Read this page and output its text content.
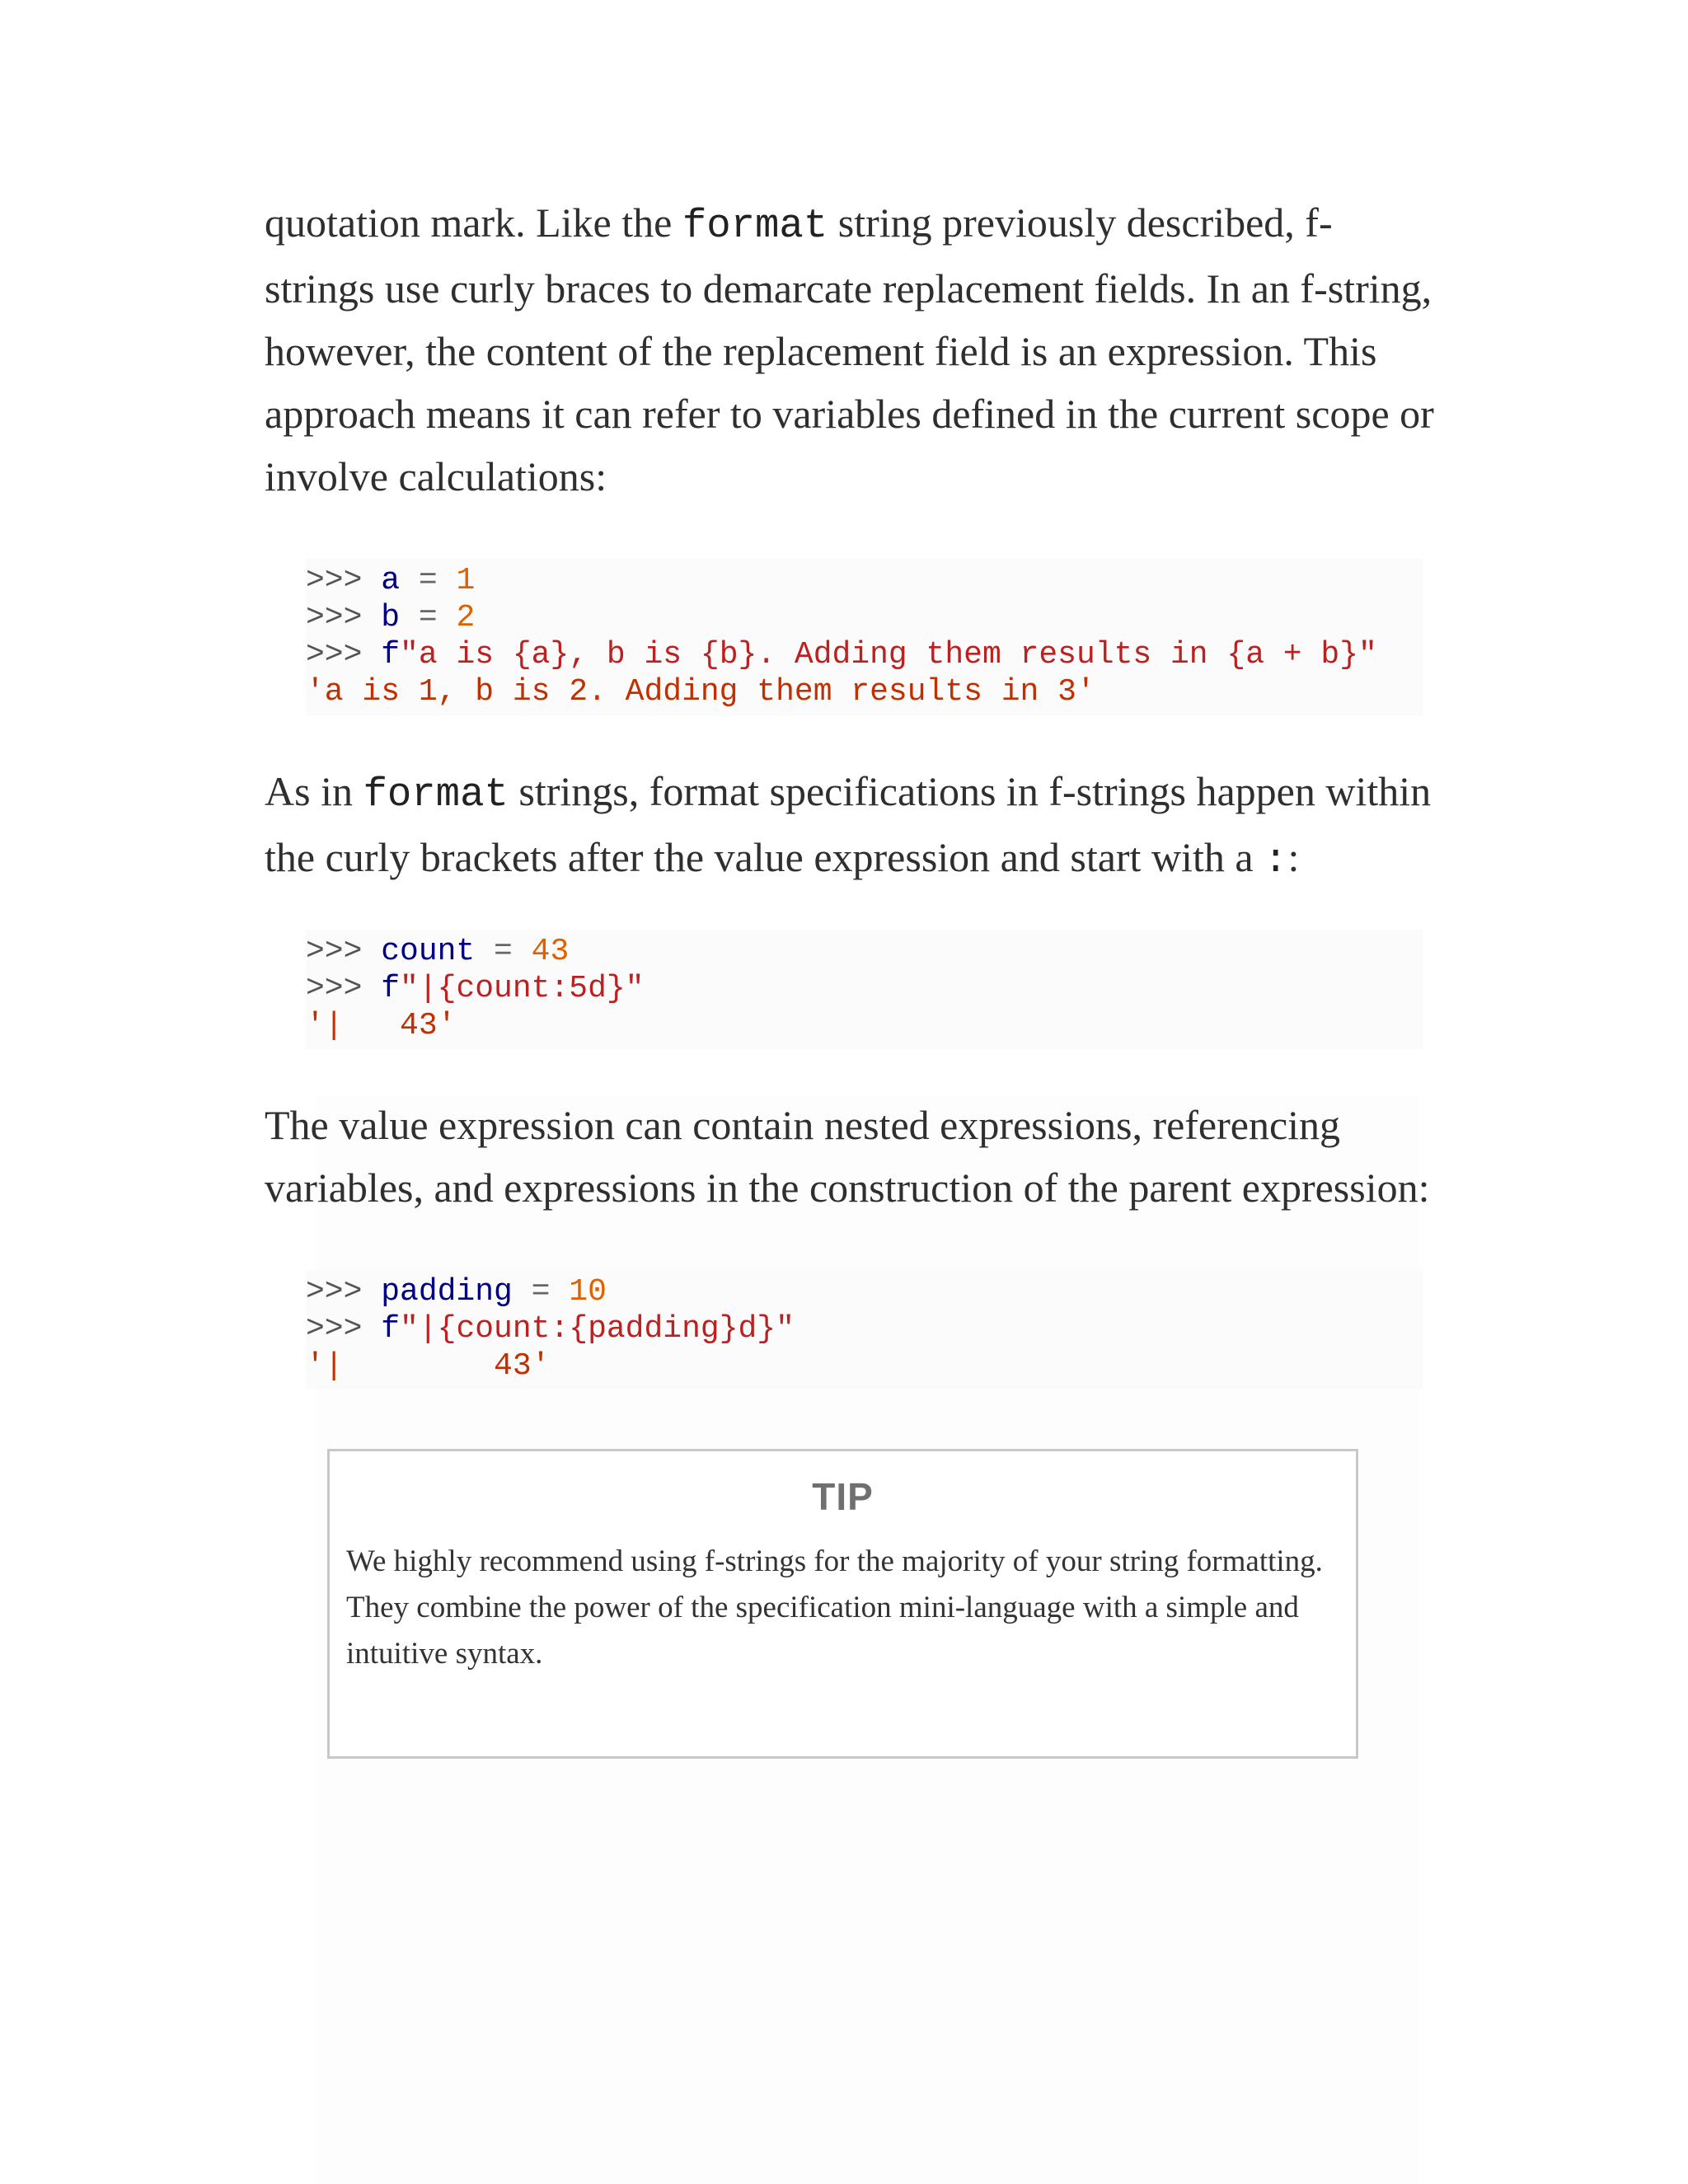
quotation mark. Like the format string previously described, f-strings use curly braces to demarcate replacement fields. In an f-string, however, the content of the replacement field is an expression. This approach means it can refer to variables defined in the current scope or involve calculations:

>>> a = 1
>>> b = 2
>>> f"a is {a}, b is {b}. Adding them results in {a + b}"
'a is 1, b is 2. Adding them results in 3'

As in format strings, format specifications in f-strings happen within the curly brackets after the value expression and start with a ::

>>> count = 43
>>> f"|{count:5d}"
'|   43'

The value expression can contain nested expressions, referencing variables, and expressions in the construction of the parent expression:

>>> padding = 10
>>> f"|{count:{padding}d}"
'|        43'
TIP

We highly recommend using f-strings for the majority of your string formatting. They combine the power of the specification mini-language with a simple and intuitive syntax.
